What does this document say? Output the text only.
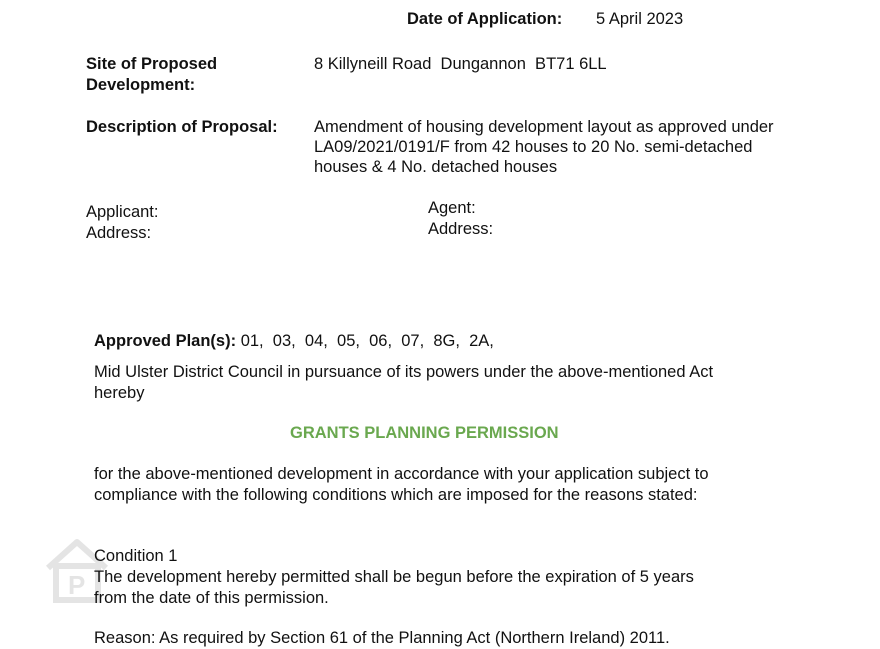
P
Date of Application: 5 April 2023
Site of Proposed
Development:
8 Killyneill Road  Dungannon  BT71 6LL
Description of Proposal: Amendment of housing development layout as approved under
LA09/2021/0191/F from 42 houses to 20 No. semi-detached
houses & 4 No. detached houses
Applicant:
Address:
Agent:
Address:
Approved Plan(s): 01,  03,  04,  05,  06,  07,  8G,  2A,
Mid Ulster District Council in pursuance of its powers under the above-mentioned Act
hereby
GRANTS PLANNING PERMISSION
for the above-mentioned development in accordance with your application subject to
compliance with the following conditions which are imposed for the reasons stated:
Condition 1
The development hereby permitted shall be begun before the expiration of 5 years
from the date of this permission.
Reason: As required by Section 61 of the Planning Act (Northern Ireland) 2011.
